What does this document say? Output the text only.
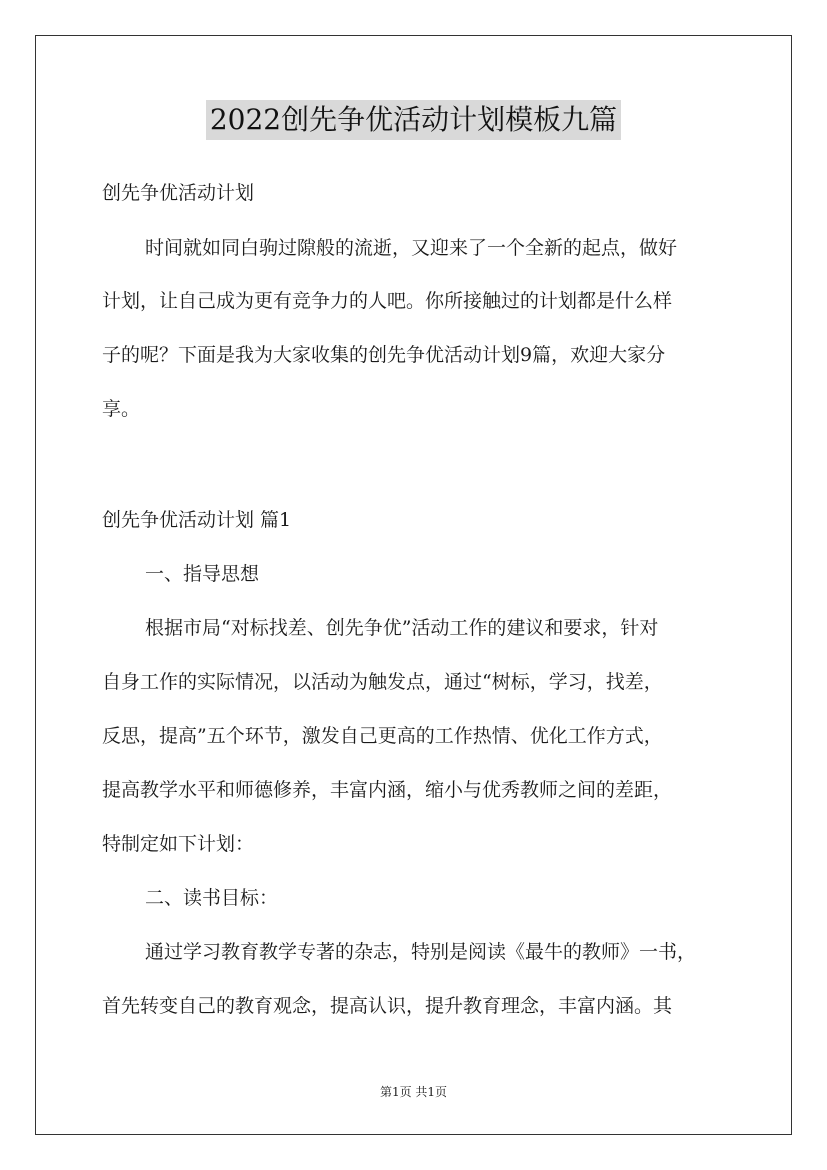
2022创先争优活动计划模板九篇
创先争优活动计划
时间就如同白驹过隙般的流逝，又迎来了一个全新的起点，做好
计划，让自己成为更有竞争力的人吧。你所接触过的计划都是什么样
子的呢？下面是我为大家收集的创先争优活动计划9篇，欢迎大家分
享。
创先争优活动计划 篇1
一、指导思想
根据市局“对标找差、创先争优”活动工作的建议和要求，针对
自身工作的实际情况，以活动为触发点，通过“树标，学习，找差，
反思，提高”五个环节，激发自己更高的工作热情、优化工作方式，
提高教学水平和师德修养，丰富内涵，缩小与优秀教师之间的差距，
特制定如下计划：
二、读书目标：
通过学习教育教学专著的杂志，特别是阅读《最牛的教师》一书，
首先转变自己的教育观念，提高认识，提升教育理念，丰富内涵。其
第1页 共1页
